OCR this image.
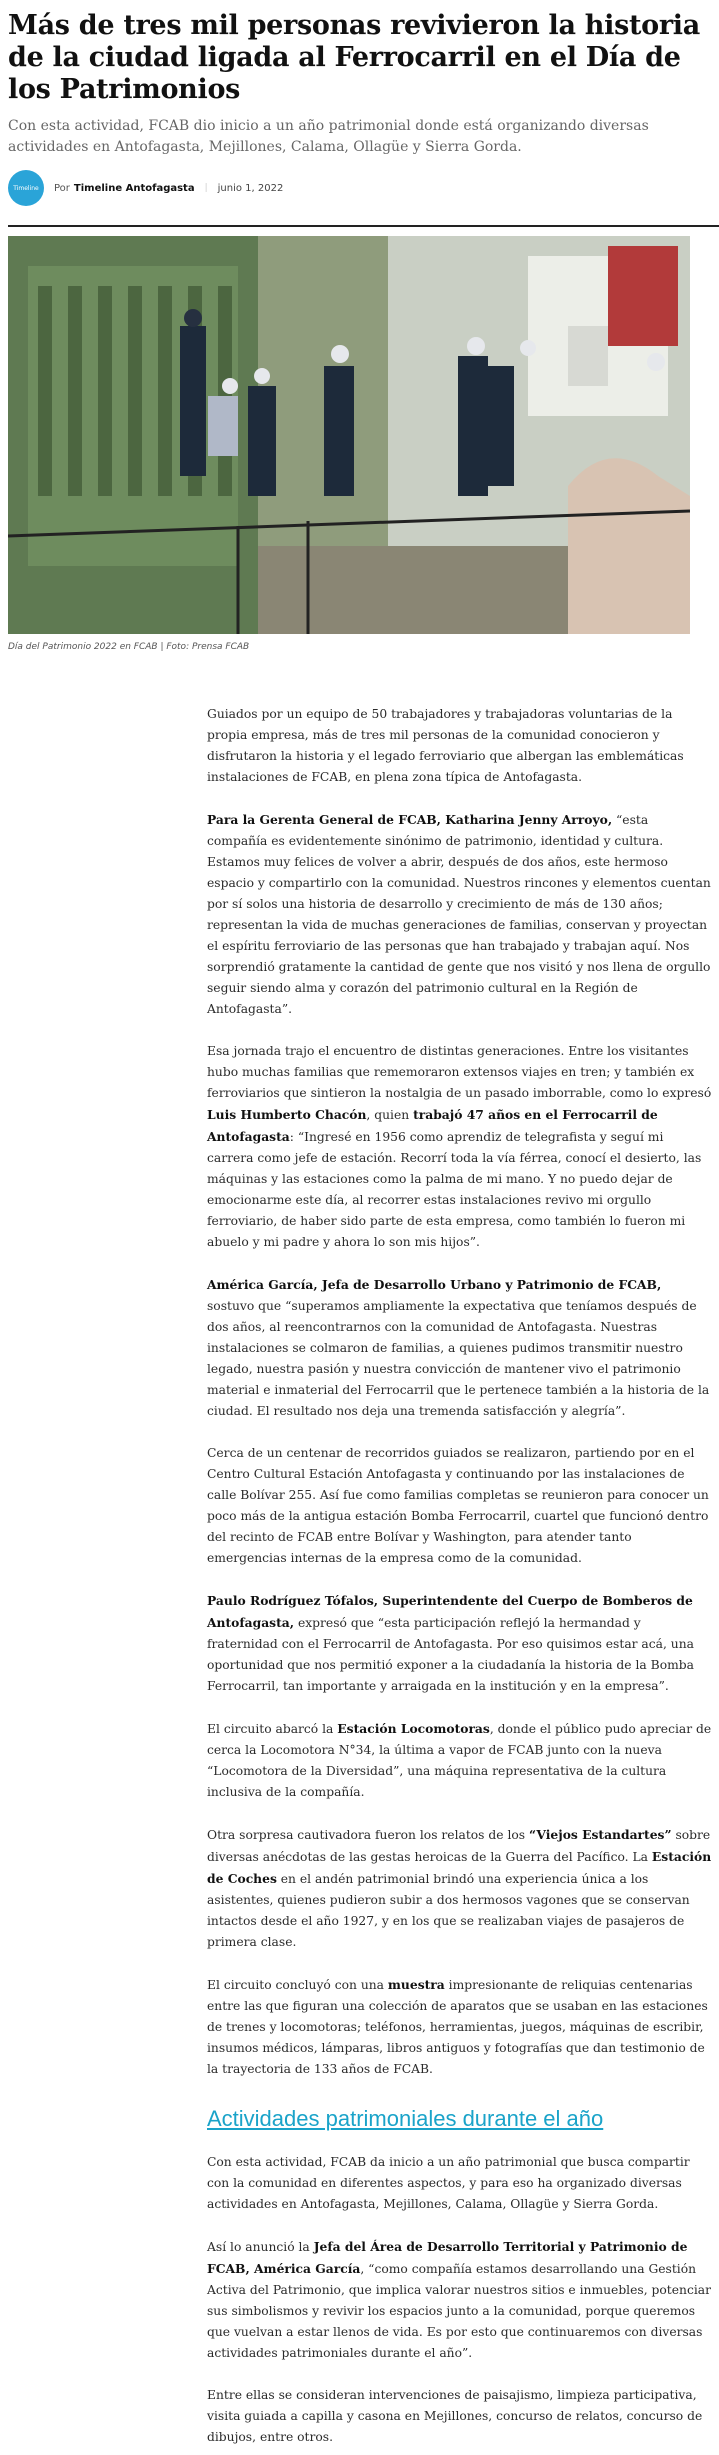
Más de tres mil personas revivieron la historia de la ciudad ligada al Ferrocarril en el Día de los Patrimonios

Con esta actividad, FCAB dio inicio a un año patrimonial donde está organizando diversas actividades en Antofagasta, Mejillones, Calama, Ollagüe y Sierra Gorda.

Timeline Por Timeline Antofagasta | junio 1, 2022
Día del Patrimonio 2022 en FCAB | Foto: Prensa FCAB

Guiados por un equipo de 50 trabajadores y trabajadoras voluntarias de la propia empresa, más de tres mil personas de la comunidad conocieron y disfrutaron la historia y el legado ferroviario que albergan las emblemáticas instalaciones de FCAB, en plena zona típica de Antofagasta.

Para la Gerenta General de FCAB, Katharina Jenny Arroyo, “esta compañía es evidentemente sinónimo de patrimonio, identidad y cultura. Estamos muy felices de volver a abrir, después de dos años, este hermoso espacio y compartirlo con la comunidad. Nuestros rincones y elementos cuentan por sí solos una historia de desarrollo y crecimiento de más de 130 años; representan la vida de muchas generaciones de familias, conservan y proyectan el espíritu ferroviario de las personas que han trabajado y trabajan aquí. Nos sorprendió gratamente la cantidad de gente que nos visitó y nos llena de orgullo seguir siendo alma y corazón del patrimonio cultural en la Región de Antofagasta”.

Esa jornada trajo el encuentro de distintas generaciones. Entre los visitantes hubo muchas familias que rememoraron extensos viajes en tren; y también ex ferroviarios que sintieron la nostalgia de un pasado imborrable, como lo expresó Luis Humberto Chacón, quien trabajó 47 años en el Ferrocarril de Antofagasta: “Ingresé en 1956 como aprendiz de telegrafista y seguí mi carrera como jefe de estación. Recorrí toda la vía férrea, conocí el desierto, las máquinas y las estaciones como la palma de mi mano. Y no puedo dejar de emocionarme este día, al recorrer estas instalaciones revivo mi orgullo ferroviario, de haber sido parte de esta empresa, como también lo fueron mi abuelo y mi padre y ahora lo son mis hijos”.

América García, Jefa de Desarrollo Urbano y Patrimonio de FCAB, sostuvo que “superamos ampliamente la expectativa que teníamos después de dos años, al reencontrarnos con la comunidad de Antofagasta. Nuestras instalaciones se colmaron de familias, a quienes pudimos transmitir nuestro legado, nuestra pasión y nuestra convicción de mantener vivo el patrimonio material e inmaterial del Ferrocarril que le pertenece también a la historia de la ciudad. El resultado nos deja una tremenda satisfacción y alegría”.

Cerca de un centenar de recorridos guiados se realizaron, partiendo por en el Centro Cultural Estación Antofagasta y continuando por las instalaciones de calle Bolívar 255. Así fue como familias completas se reunieron para conocer un poco más de la antigua estación Bomba Ferrocarril, cuartel que funcionó dentro del recinto de FCAB entre Bolívar y Washington, para atender tanto emergencias internas de la empresa como de la comunidad.

Paulo Rodríguez Tófalos, Superintendente del Cuerpo de Bomberos de Antofagasta, expresó que “esta participación reflejó la hermandad y fraternidad con el Ferrocarril de Antofagasta. Por eso quisimos estar acá, una oportunidad que nos permitió exponer a la ciudadanía la historia de la Bomba Ferrocarril, tan importante y arraigada en la institución y en la empresa”.

El circuito abarcó la Estación Locomotoras, donde el público pudo apreciar de cerca la Locomotora N°34, la última a vapor de FCAB junto con la nueva “Locomotora de la Diversidad”, una máquina representativa de la cultura inclusiva de la compañía.

Otra sorpresa cautivadora fueron los relatos de los “Viejos Estandartes” sobre diversas anécdotas de las gestas heroicas de la Guerra del Pacífico. La Estación de Coches en el andén patrimonial brindó una experiencia única a los asistentes, quienes pudieron subir a dos hermosos vagones que se conservan intactos desde el año 1927, y en los que se realizaban viajes de pasajeros de primera clase.

El circuito concluyó con una muestra impresionante de reliquias centenarias entre las que figuran una colección de aparatos que se usaban en las estaciones de trenes y locomotoras; teléfonos, herramientas, juegos, máquinas de escribir, insumos médicos, lámparas, libros antiguos y fotografías que dan testimonio de la trayectoria de 133 años de FCAB.

Actividades patrimoniales durante el año

Con esta actividad, FCAB da inicio a un año patrimonial que busca compartir con la comunidad en diferentes aspectos, y para eso ha organizado diversas actividades en Antofagasta, Mejillones, Calama, Ollagüe y Sierra Gorda.

Así lo anunció la Jefa del Área de Desarrollo Territorial y Patrimonio de FCAB, América García, “como compañía estamos desarrollando una Gestión Activa del Patrimonio, que implica valorar nuestros sitios e inmuebles, potenciar sus simbolismos y revivir los espacios junto a la comunidad, porque queremos que vuelvan a estar llenos de vida. Es por esto que continuaremos con diversas actividades patrimoniales durante el año”.

Entre ellas se consideran intervenciones de paisajismo, limpieza participativa, visita guiada a capilla y casona en Mejillones, concurso de relatos, concurso de dibujos, entre otros.
